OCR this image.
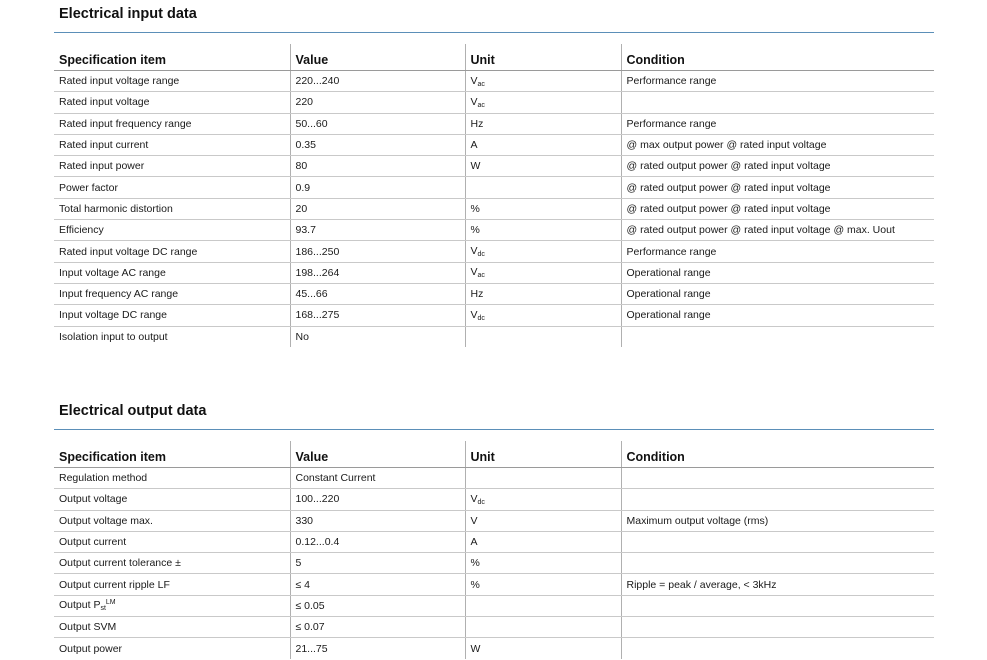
Electrical input data
Specification item	Value	Unit	Condition
Rated input voltage range	220...240	$V_{ac}$	Performance range
Rated input voltage	220	$V_{ac}$	
Rated input frequency range	50...60	Hz	Performance range
Rated input current	0.35	A	@ max output power @ rated input voltage
Rated input power	80	W	@ rated output power @ rated input voltage
Power factor	0.9		@ rated output power @ rated input voltage
Total harmonic distortion	20	%	@ rated output power @ rated input voltage
Efficiency	93.7	%	@ rated output power @ rated input voltage @ max. Uout
Rated input voltage DC range	186...250	$V_{dc}$	Performance range
Input voltage AC range	198...264	$V_{ac}$	Operational range
Input frequency AC range	45...66	Hz	Operational range
Input voltage DC range	168...275	$V_{dc}$	Operational range
Isolation input to output	No		
Electrical output data
Specification item	Value	Unit	Condition
Regulation method	Constant Current		
Output voltage	100...220	$V_{dc}$	
Output voltage max.	330	V	Maximum output voltage (rms)
Output current	0.12...0.4	A	
Output current tolerance ±	5	%	
Output current ripple LF	≤ 4	%	Ripple = peak / average, < 3kHz
Output $P_{st}^{LM}$	≤ 0.05		
Output SVM	≤ 0.07		
Output power	21...75	W	
